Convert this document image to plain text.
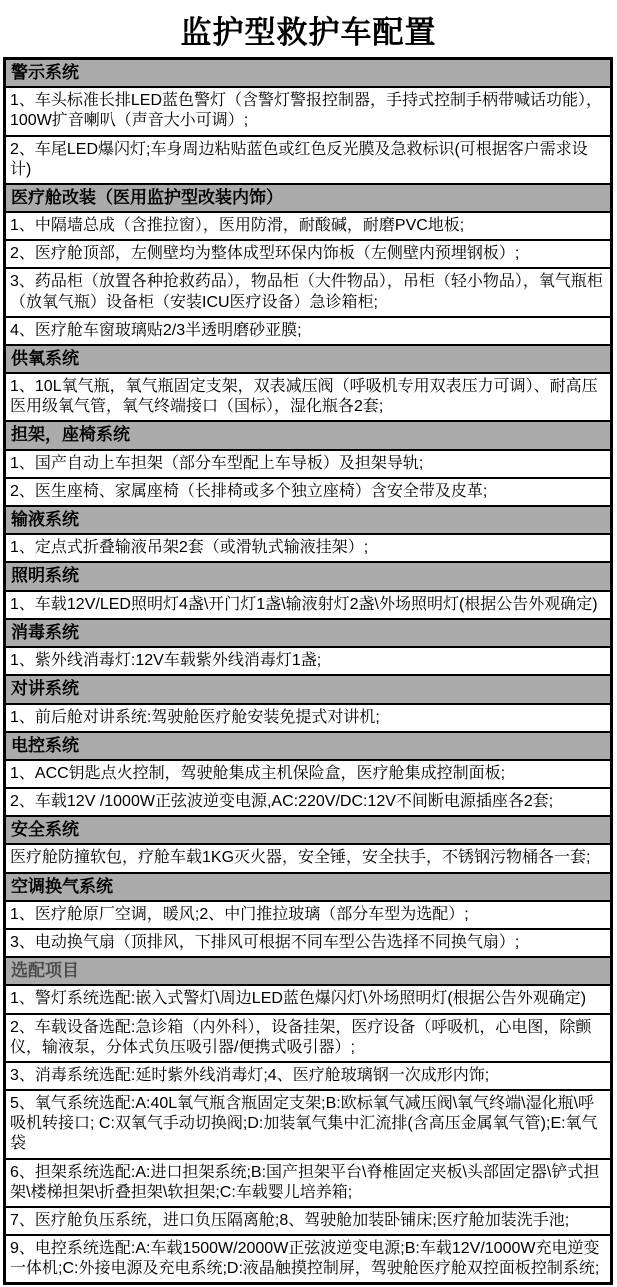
监护型救护车配置
警示系统
1、车头标准长排LED蓝色警灯（含警灯警报控制器，手持式控制手柄带喊话功能），100W扩音喇叭（声音大小可调）;
2、车尾LED爆闪灯;车身周边粘贴蓝色或红色反光膜及急救标识(可根据客户需求设计)
医疗舱改装（医用监护型改装内饰）
1、中隔墙总成（含推拉窗），医用防滑，耐酸碱，耐磨PVC地板;
2、医疗舱顶部，左侧壁均为整体成型环保内饰板（左侧壁内预埋钢板）;
3、药品柜（放置各种抢救药品），物品柜（大件物品），吊柜（轻小物品），氧气瓶柜（放氧气瓶）设备柜（安装ICU医疗设备）急诊箱柜;
4、医疗舱车窗玻璃贴2/3半透明磨砂亚膜;
供氧系统
1、10L氧气瓶，氧气瓶固定支架，双表减压阀（呼吸机专用双表压力可调）、耐高压医用级氧气管，氧气终端接口（国标），湿化瓶各2套;
担架，座椅系统
1、国产自动上车担架（部分车型配上车导板）及担架导轨;
2、医生座椅、家属座椅（长排椅或多个独立座椅）含安全带及皮革;
输液系统
1、定点式折叠输液吊架2套（或滑轨式输液挂架）;
照明系统
1、车载12V/LED照明灯4盏\开门灯1盏\输液射灯2盏\外场照明灯(根据公告外观确定)
消毒系统
1、紫外线消毒灯:12V车载紫外线消毒灯1盏;
对讲系统
1、前后舱对讲系统:驾驶舱医疗舱安装免提式对讲机;
电控系统
1、ACC钥匙点火控制，驾驶舱集成主机保险盒，医疗舱集成控制面板;
2、车载12V /1000W正弦波逆变电源,AC:220V/DC:12V不间断电源插座各2套;
安全系统
医疗舱防撞软包，疗舱车载1KG灭火器，安全锤，安全扶手，不锈钢污物桶各一套;
空调换气系统
1、医疗舱原厂空调，暖风;2、中门推拉玻璃（部分车型为选配）;
3、电动换气扇（顶排风，下排风可根据不同车型公告选择不同换气扇）;
选配项目
1、警灯系统选配:嵌入式警灯\周边LED蓝色爆闪灯\外场照明灯(根据公告外观确定)
2、车载设备选配:急诊箱（内外科），设备挂架，医疗设备（呼吸机，心电图，除颤仪，输液泵，分体式负压吸引器/便携式吸引器）;
3、消毒系统选配:延时紫外线消毒灯;4、医疗舱玻璃钢一次成形内饰;
5、氧气系统选配:A:40L氧气瓶含瓶固定支架;B:欧标氧气减压阀\氧气终端\湿化瓶\呼吸机转接口; C:双氧气手动切换阀;D:加装氧气集中汇流排(含高压金属氧气管);E:氧气袋
6、担架系统选配:A:进口担架系统;B:国产担架平台\脊椎固定夹板\头部固定器\铲式担架\楼梯担架\折叠担架\软担架;C:车载婴儿培养箱;
7、医疗舱负压系统，进口负压隔离舱;8、驾驶舱加装卧铺床;医疗舱加装洗手池;
9、电控系统选配:A:车载1500W/2000W正弦波逆变电源;B:车载12V/1000W充电逆变一体机;C:外接电源及充电系统;D:液晶触摸控制屏，驾驶舱医疗舱双控面板控制系统;
